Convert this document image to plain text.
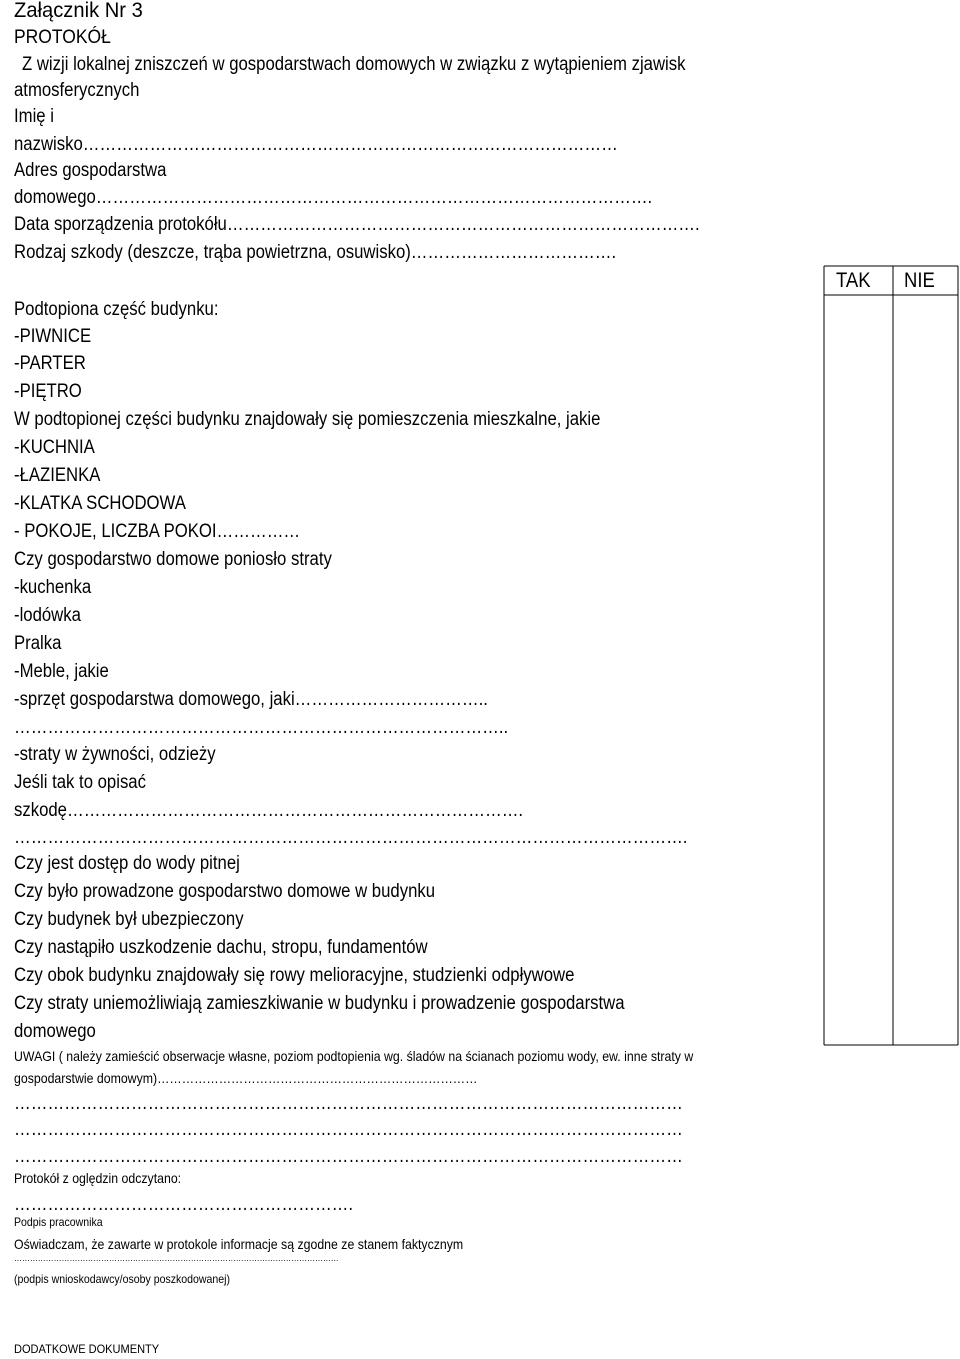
Załącznik Nr 3
PROTOKÓŁ
Z wizji lokalnej zniszczeń w gospodarstwach domowych w związku z wytąpieniem zjawisk
atmosferycznych
Imię i
nazwisko……………………………………………………………………………………
Adres gospodarstwa
domowego……………………………………………………………………………………….
Data sporządzenia protokółu………………………………………………………………………….
Rodzaj szkody (deszcze, trąba powietrzna, osuwisko)……………………………….
TAK NIE
Podtopiona część budynku:
-PIWNICE
-PARTER
-PIĘTRO
W podtopionej części budynku znajdowały się pomieszczenia mieszkalne, jakie
-KUCHNIA
-ŁAZIENKA
-KLATKA SCHODOWA
- POKOJE, LICZBA POKOI……………
Czy gospodarstwo domowe poniosło straty
-kuchenka
-lodówka
Pralka
-Meble, jakie
-sprzęt gospodarstwa domowego, jaki……………………………..
……………………………………………………………………………..
-straty w żywności, odzieży
Jeśli tak to opisać
szkodę……………………………………………………………………….
………………………………………………………………………………………………………….
Czy jest dostęp do wody pitnej
Czy było prowadzone gospodarstwo domowe w budynku
Czy budynek był ubezpieczony
Czy nastąpiło uszkodzenie dachu, stropu, fundamentów
Czy obok budynku znajdowały się rowy melioracyjne, studzienki odpływowe
Czy straty uniemożliwiają zamieszkiwanie w budynku i prowadzenie gospodarstwa
domowego
UWAGI ( należy zamieścić obserwacje własne, poziom podtopienia wg. śladów na ścianach poziomu wody, ew. inne straty w
gospodarstwie domowym)……………………………………………………………………
…………………………………………………………………………………………………………
…………………………………………………………………………………………………………
…………………………………………………………………………………………………………
Protokół z oględzin odczytano:
…………………………………………………….
Podpis pracownika
Oświadczam, że zawarte w protokole informacje są zgodne ze stanem faktycznym
……………………………………………………………………………………………………………
(podpis wnioskodawcy/osoby poszkodowanej)
DODATKOWE DOKUMENTY
